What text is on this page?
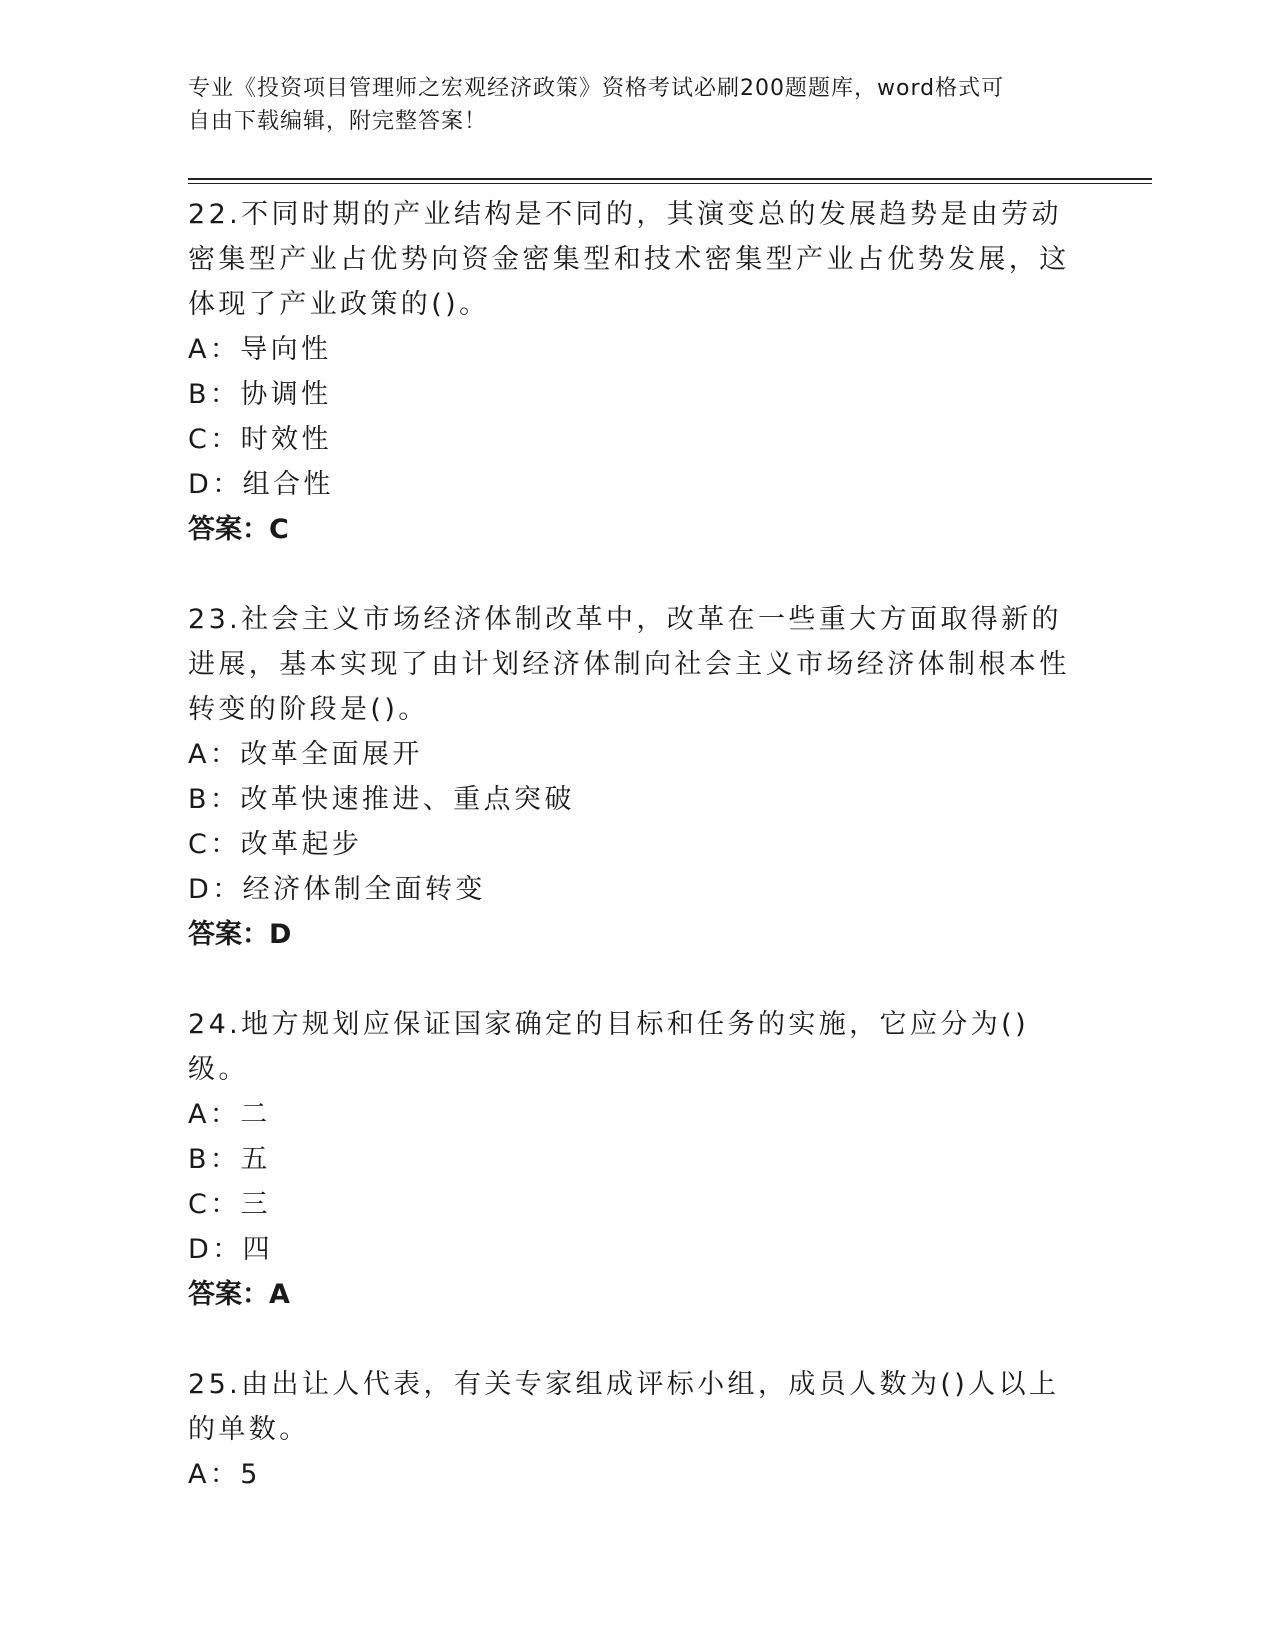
专业《投资项目管理师之宏观经济政策》资格考试必刷200题题库，word格式可
自由下载编辑，附完整答案！

22.不同时期的产业结构是不同的，其演变总的发展趋势是由劳动密集型产业占优势向资金密集型和技术密集型产业占优势发展，这体现了产业政策的()。

A：导向性

B：协调性

C：时效性

D：组合性

答案：C

23.社会主义市场经济体制改革中，改革在一些重大方面取得新的进展，基本实现了由计划经济体制向社会主义市场经济体制根本性转变的阶段是()。

A：改革全面展开

B：改革快速推进、重点突破

C：改革起步

D：经济体制全面转变

答案：D

24.地方规划应保证国家确定的目标和任务的实施，它应分为()级。

A：二

B：五

C：三

D：四

答案：A

25.由出让人代表，有关专家组成评标小组，成员人数为()人以上的单数。

A：5
